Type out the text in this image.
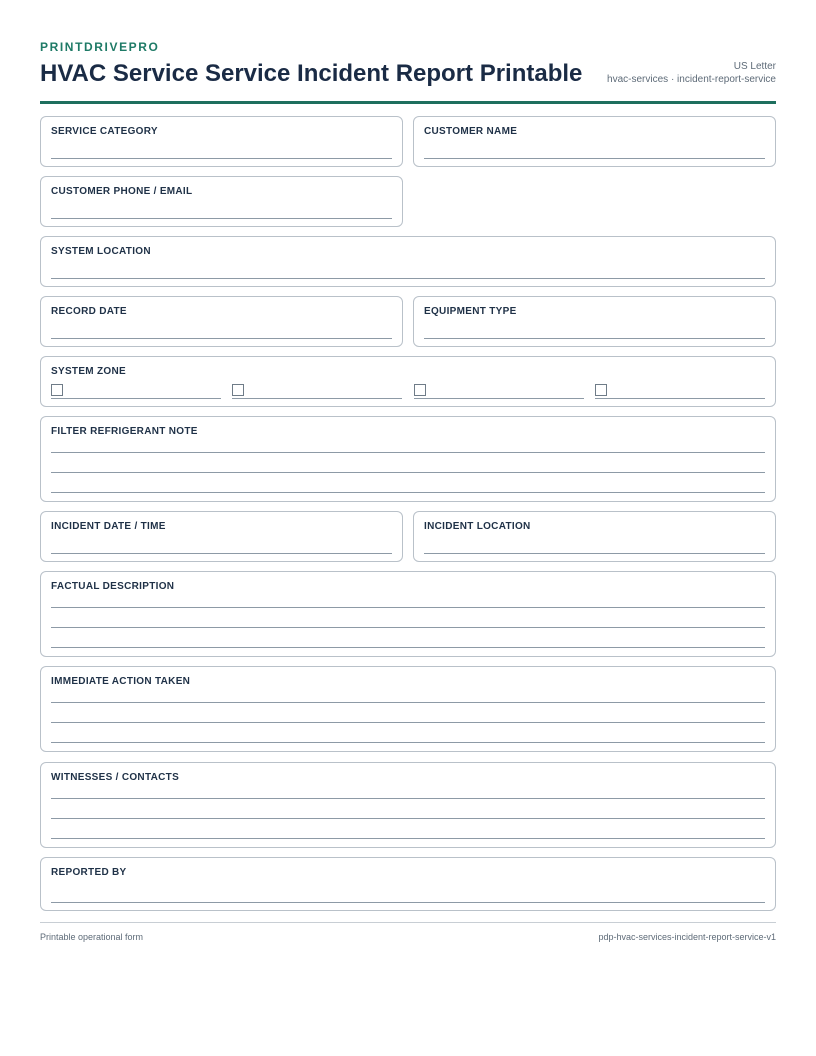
PRINTDRIVEPRO
HVAC Service Service Incident Report Printable	US Letter
hvac-services · incident-report-service
SERVICE CATEGORY	CUSTOMER NAME
CUSTOMER PHONE / EMAIL
SYSTEM LOCATION
RECORD DATE	EQUIPMENT TYPE
SYSTEM ZONE
FILTER REFRIGERANT NOTE
INCIDENT DATE / TIME	INCIDENT LOCATION
FACTUAL DESCRIPTION
IMMEDIATE ACTION TAKEN
WITNESSES / CONTACTS
REPORTED BY
Printable operational form	pdp-hvac-services-incident-report-service-v1
